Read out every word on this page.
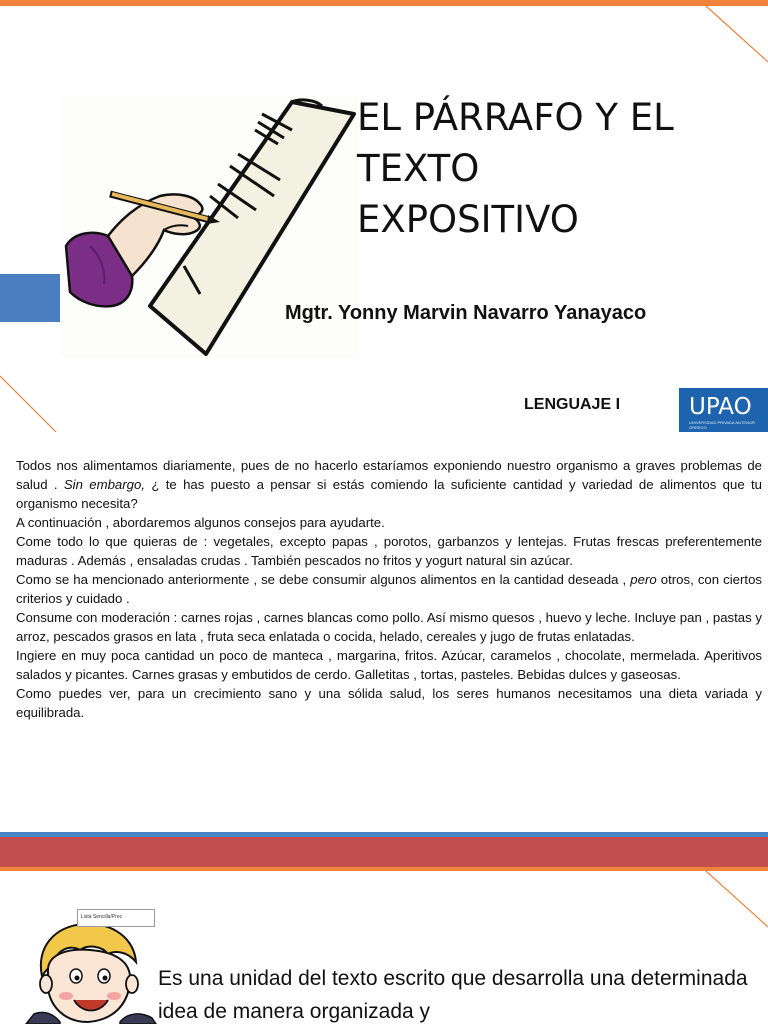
EL PÁRRAFO Y EL
TEXTO
EXPOSITIVO
Mgtr. Yonny Marvin Navarro Yanayaco
LENGUAJE I	UPAO
UNIVERSIDAD PRIVADA ANTENOR ORREGO

Todos nos alimentamos diariamente, pues de no hacerlo estaríamos exponiendo nuestro organismo a graves problemas de salud . Sin embargo, ¿ te has puesto a pensar si estás comiendo la suficiente cantidad y variedad de alimentos que tu organismo necesita?

A continuación , abordaremos algunos consejos para ayudarte.

Come todo lo que quieras de : vegetales, excepto papas , porotos, garbanzos y lentejas. Frutas frescas preferentemente maduras . Además , ensaladas crudas . También pescados no fritos y yogurt natural sin azúcar.

Como se ha mencionado anteriormente , se debe consumir algunos alimentos en la cantidad deseada , pero otros, con ciertos criterios y cuidado .

Consume con moderación : carnes rojas , carnes blancas como pollo. Así mismo quesos , huevo y leche. Incluye pan , pastas y arroz, pescados grasos en lata , fruta seca enlatada o cocida, helado, cereales y jugo de frutas enlatadas.

Ingiere en muy poca cantidad un poco de manteca , margarina, fritos. Azúcar, caramelos , chocolate, mermelada. Aperitivos salados y picantes. Carnes grasas y embutidos de cerdo. Galletitas , tortas, pasteles. Bebidas dulces y gaseosas.

Como puedes ver, para un crecimiento sano y una sólida salud, los seres humanos necesitamos una dieta variada y equilibrada.

Lista Sencilla/Prec
Es una unidad del texto escrito que desarrolla una determinada idea de manera organizada y
